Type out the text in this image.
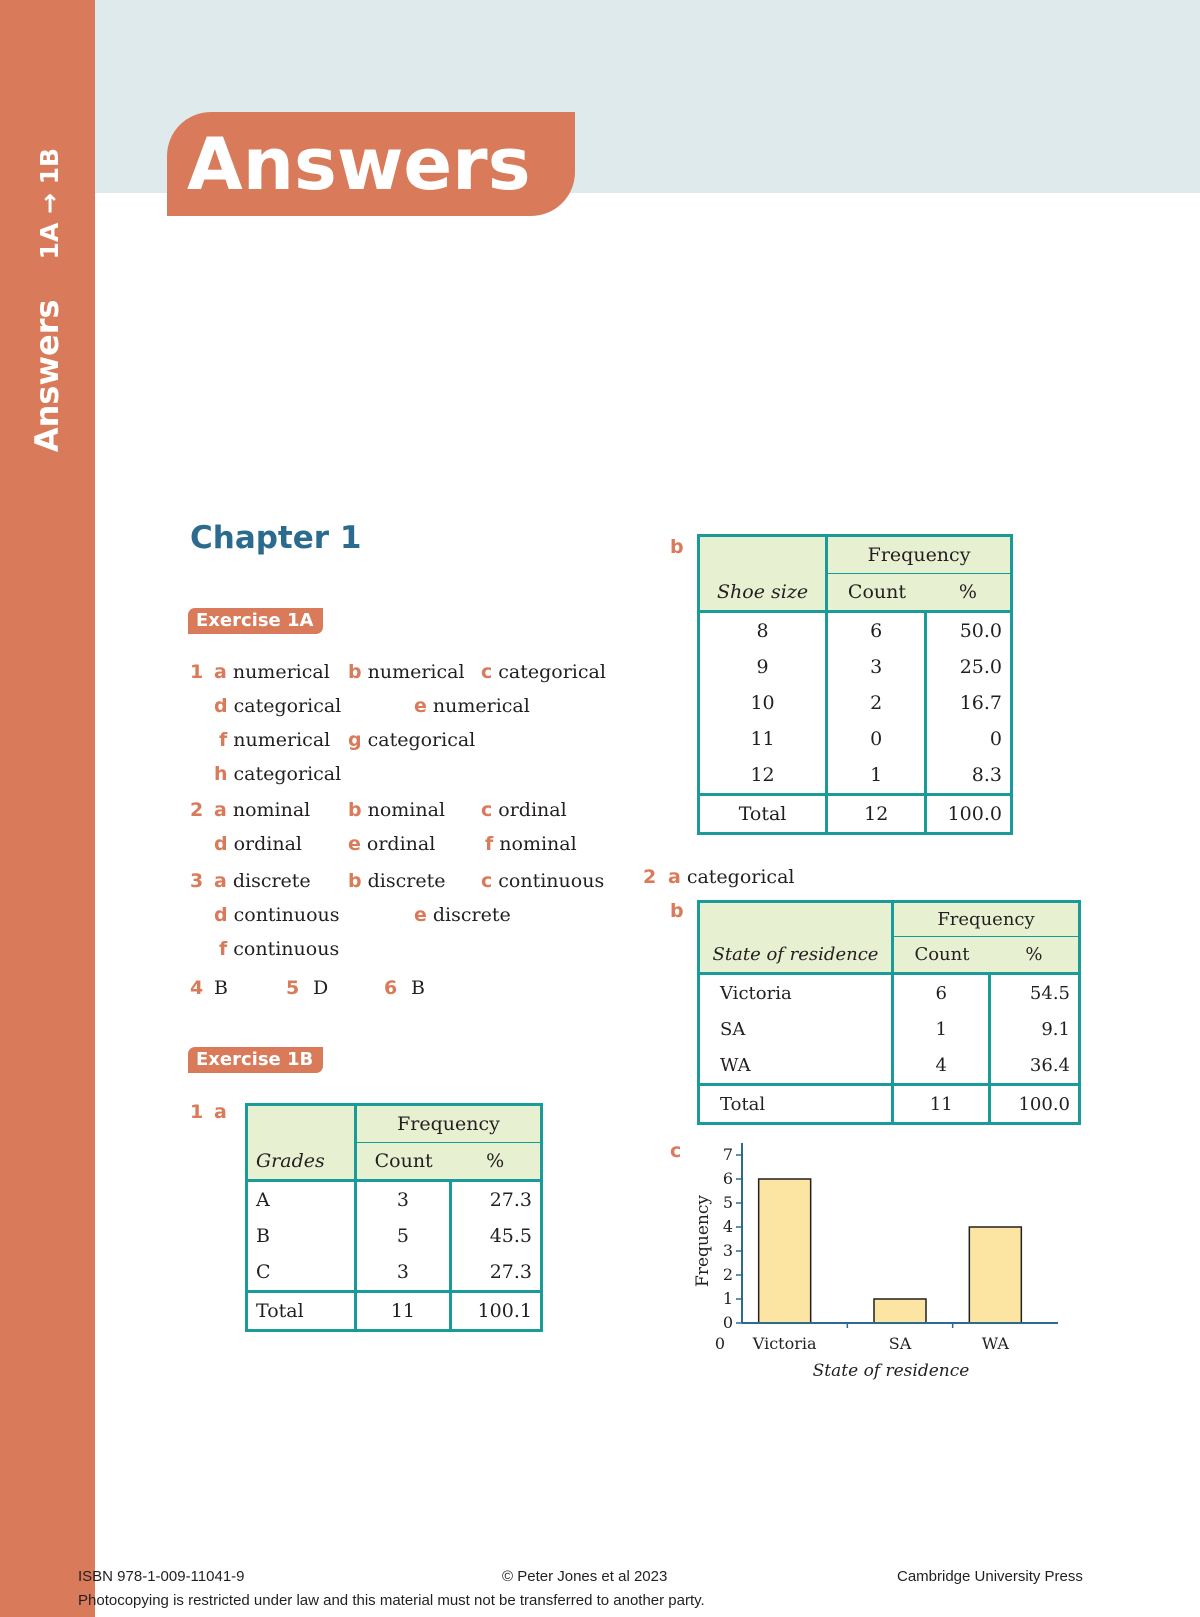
Answers1A → 1B Answers
Chapter 1
Exercise 1A
1 a numerical b numerical c categorical
d categorical	e numerical
f numerical g categorical
h categorical
2 a nominal b nominal c ordinal
d ordinal e ordinal	f nominal
3 a discrete b discrete c continuous
d continuous	e discrete
f continuous
4 B	5 D	6 B
Exercise 1B
1 a
	Frequency	
Grades	Count	%
A	3	27.3
B	5	45.5
C	3	27.3
Total	11	100.1
b
		Frequency	
Shoe size	Count	%
8	6	50.0
9	3	25.0
10	2	16.7
11	0	0
12	1	8.3
Total	12	100.0
2 a categorical
b
		Frequency	
State of residence	Count	%
Victoria	6	54.5
SA	1	9.1
WA	4	36.4
Total	11	100.0
c
0
1
2
3
4
5
6
7
0 Victoria	SA	WA
Frequency
State of residence
ISBN 978-1-009-11041-9	© Peter Jones et al 2023	Cambridge University Press
Photocopying is restricted under law and this material must not be transferred to another party.
